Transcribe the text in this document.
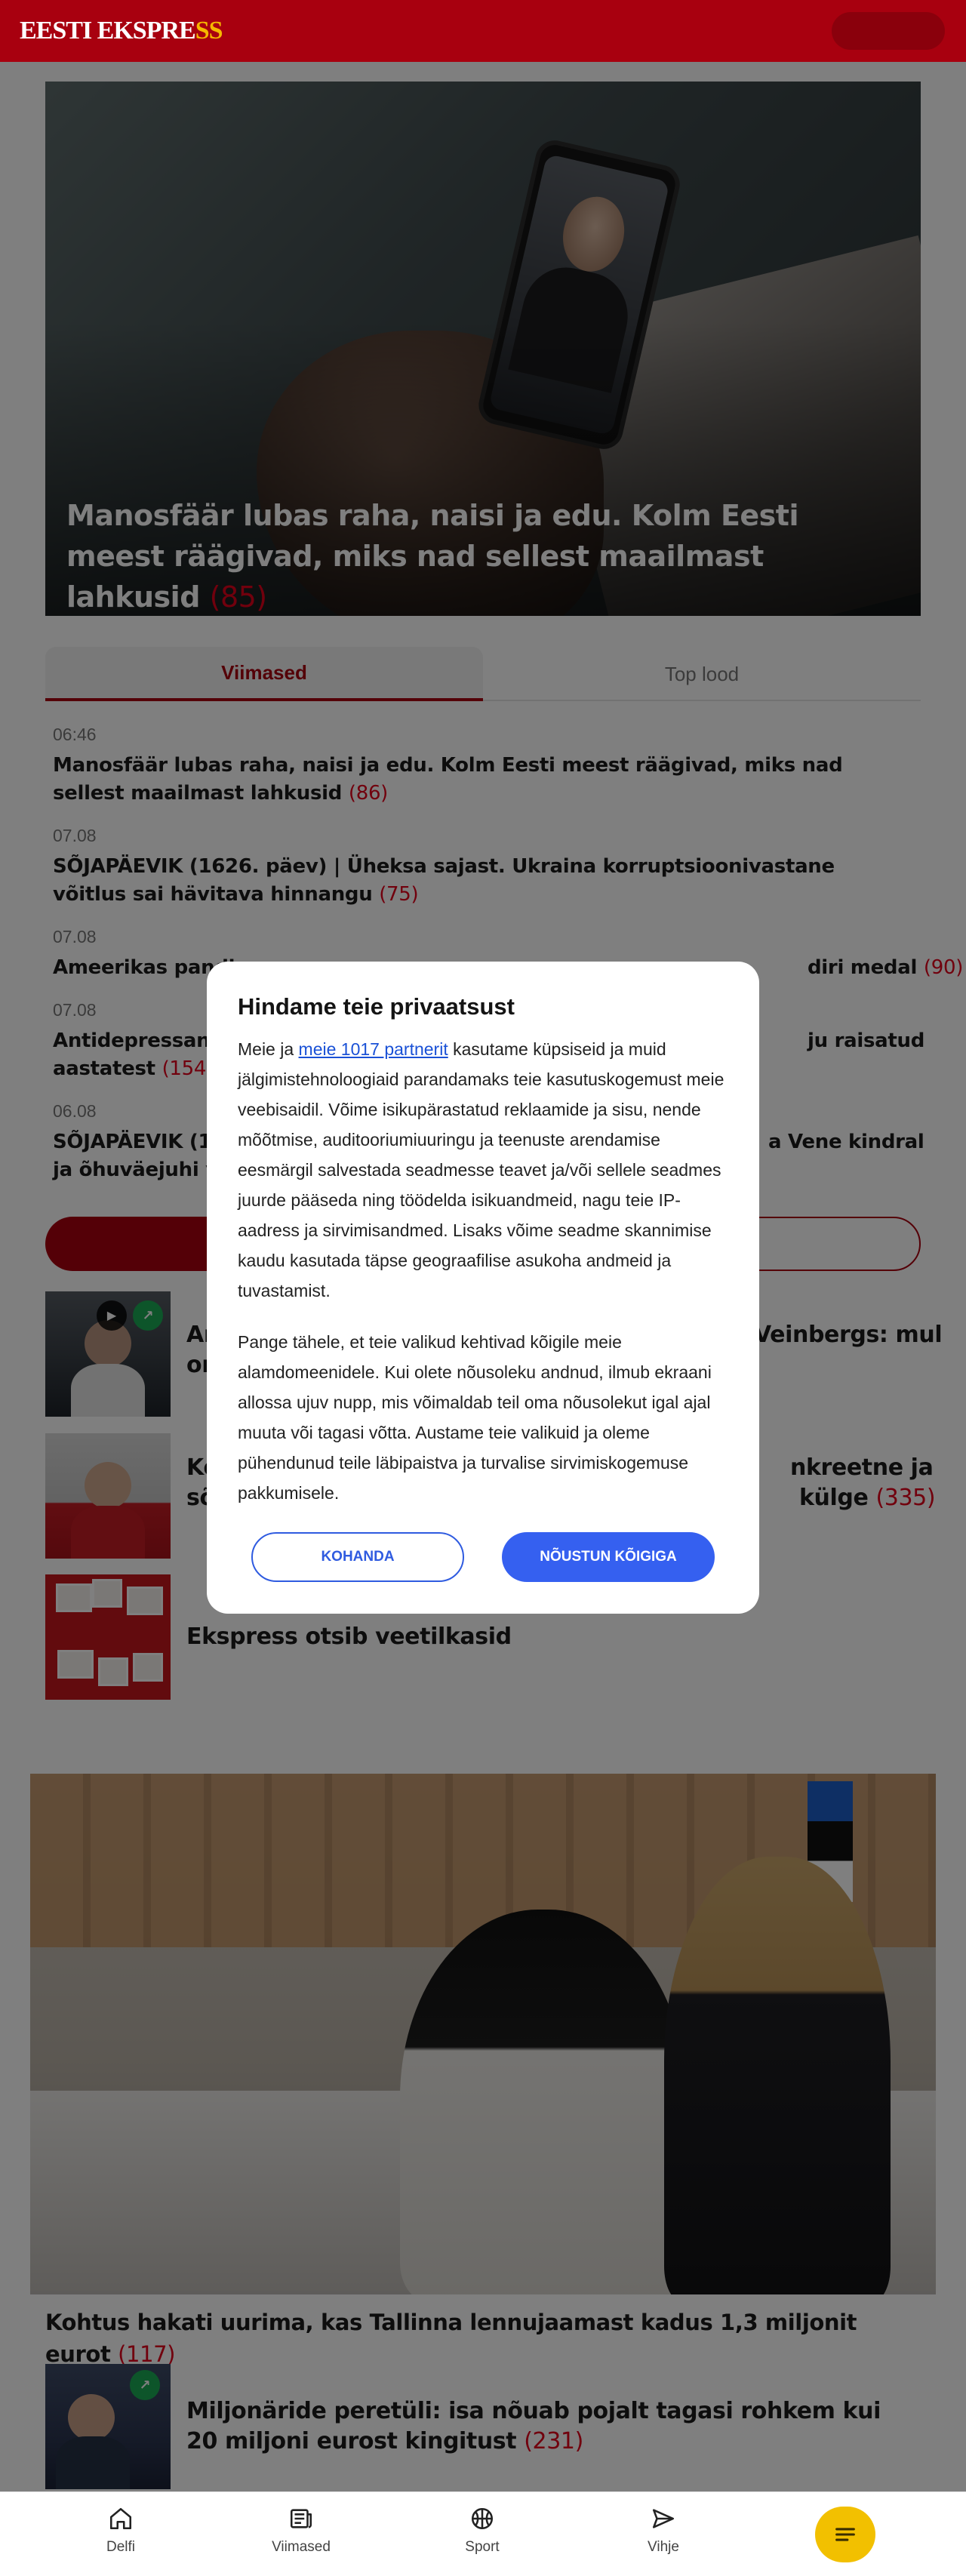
EESTI EKSPRESS

Hindame teie privaatsust

Meie ja meie 1017 partnerit kasutame küpsiseid ja muid jälgimistehnoloogiaid parandamaks teie kasutuskogemust meie veebisaidil. Võime isikupärastatud reklaamide ja sisu, nende mõõtmise, auditooriumiuuringu ja teenuste arendamise eesmärgil salvestada seadmesse teavet ja/või sellele seadmes juurde pääseda ning töödelda isikuandmeid, nagu teie IP-aadress ja sirvimisandmed. Lisaks võime seadme skannimise kaudu kasutada täpse geograafilise asukoha andmeid ja tuvastamist.

Pange tähele, et teie valikud kehtivad kõigile meie alamdomeenidele. Kui olete nõusoleku andnud, ilmub ekraani allossa ujuv nupp, mis võimaldab teil oma nõusolekut igal ajal muuta või tagasi võtta. Austame teie valikuid ja oleme pühendunud teile läbipaistva ja turvalise sirvimiskogemuse pakkumisele.

KOHANDA	NÕUSTUN KÕIGIGA
Delfi	Viimased	Sport	Vihje
